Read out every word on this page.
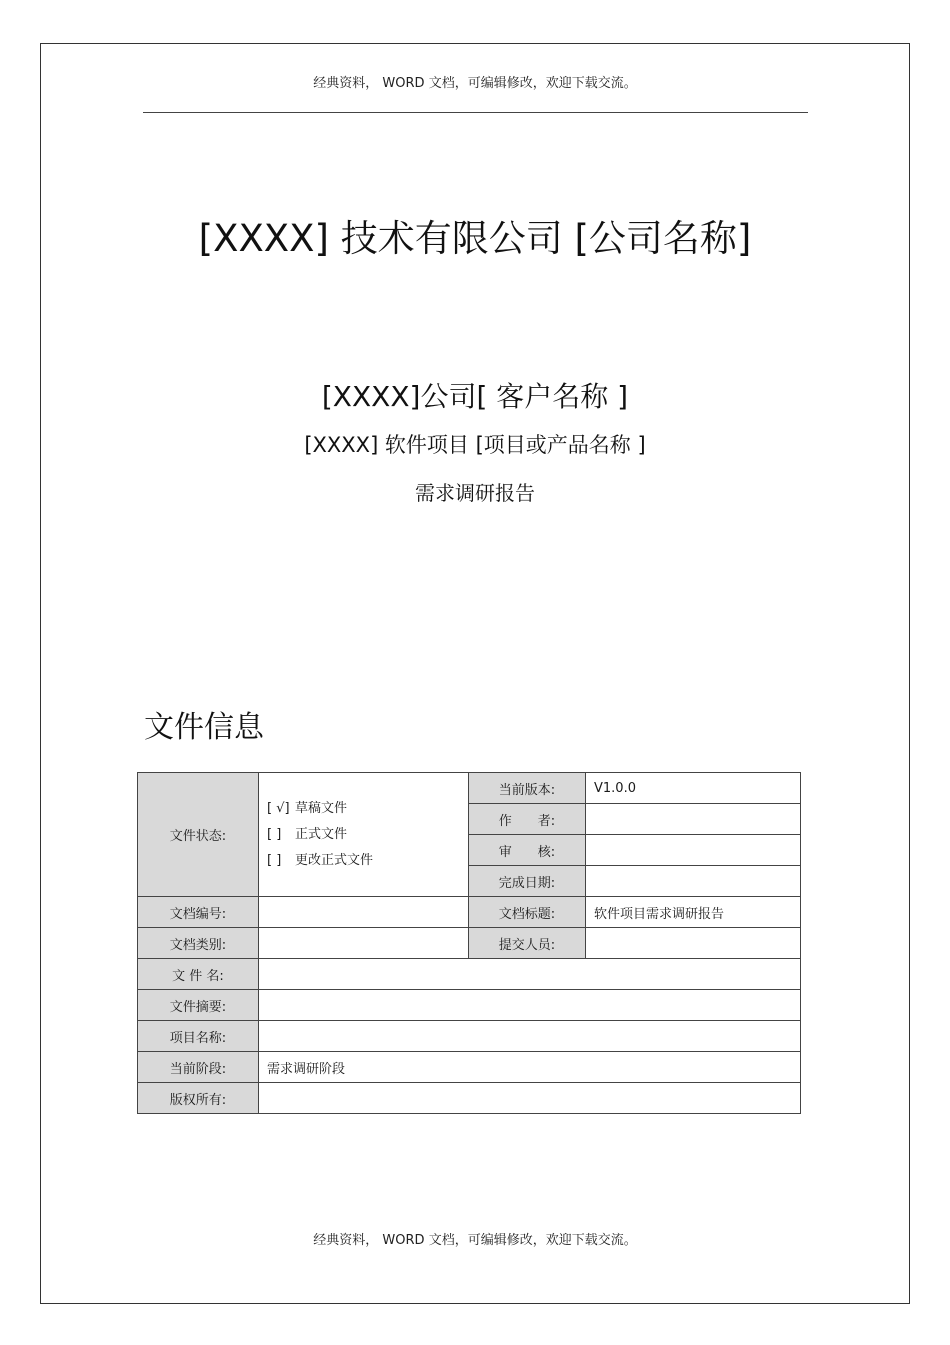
经典资料， WORD 文档，可编辑修改，欢迎下载交流。
[XXXX] 技术有限公司 [公司名称]
[XXXX]公司[ 客户名称 ]
[XXXX] 软件项目 [项目或产品名称 ]
需求调研报告
文件信息
文件状态:	[ √] 草稿文件
[ ] 正式文件
[ ] 更改正式文件	当前版本:	V1.0.0
		作　　者:	
		审　　核:	
		完成日期:	
文档编号:		文档标题:	软件项目需求调研报告
文档类别:		提交人员:	
文 件 名:			
文件摘要:			
项目名称:			
当前阶段:	需求调研阶段		
版权所有:			
经典资料， WORD 文档，可编辑修改，欢迎下载交流。
